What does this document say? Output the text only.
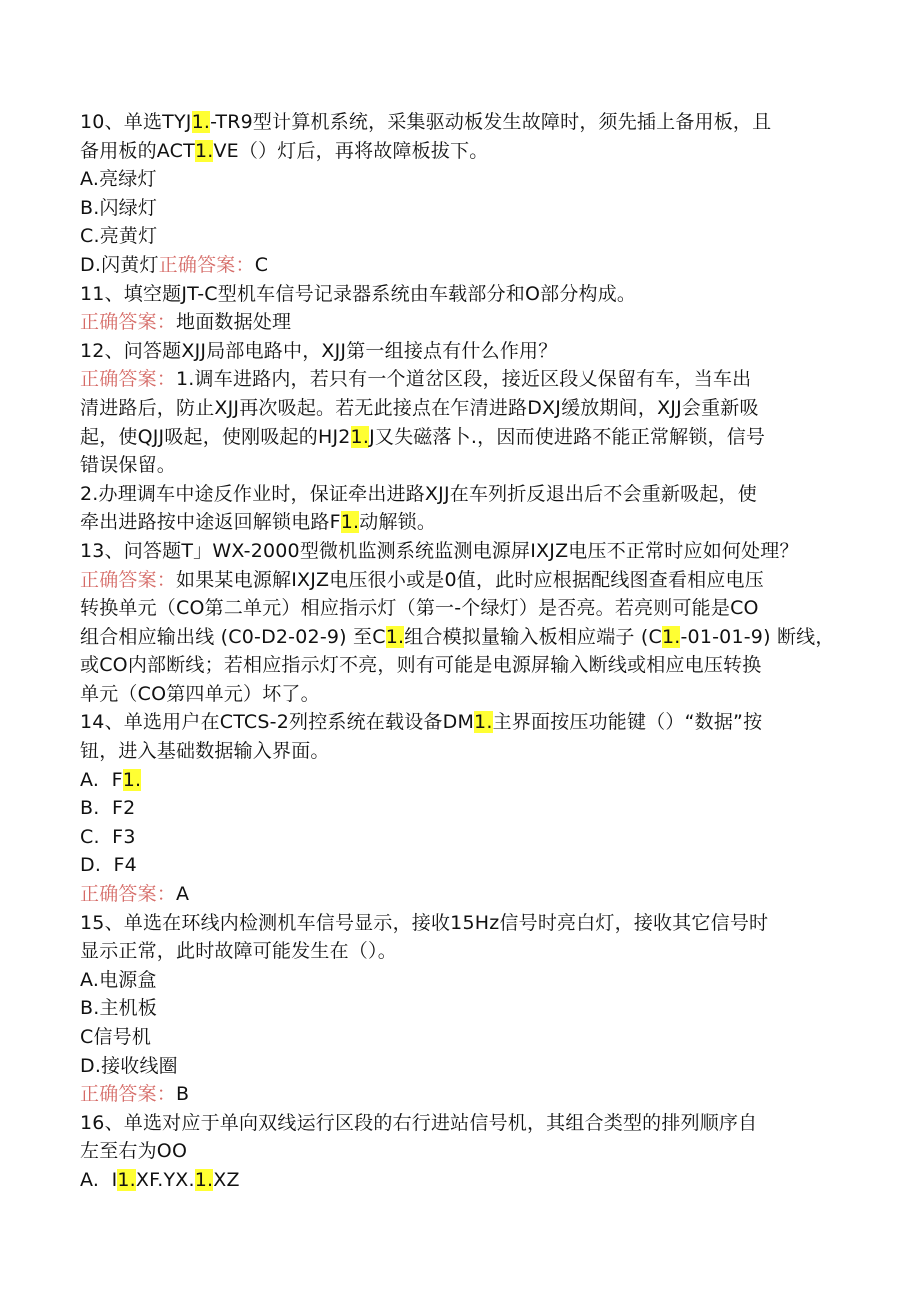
10、单选TYJ1.-TR9型计算机系统，采集驱动板发生故障时，须先插上备用板，且
备用板的ACT1.VE（）灯后，再将故障板拔下。
A.亮绿灯
B.闪绿灯
C.亮黄灯
D.闪黄灯正确答案：C
11、填空题JT-C型机车信号记录器系统由车载部分和O部分构成。
正确答案：地面数据处理
12、问答题XJJ局部电路中，XJJ第一组接点有什么作用？
正确答案：1.调车进路内，若只有一个道岔区段，接近区段乂保留有车，当车出
清进路后，防止XJJ再次吸起。若无此接点在乍清进路DXJ缓放期间，XJJ会重新吸
起，使QJJ吸起，使刚吸起的HJ21.J又失磁落卜.，因而使进路不能正常解锁，信号
错误保留。
2.办理调车中途反作业时，保证牵出进路XJJ在车列折反退出后不会重新吸起，使
牵出进路按中途返回解锁电路F1.动解锁。
13、问答题T」WX-2000型微机监测系统监测电源屏IXJZ电压不正常时应如何处理？
正确答案：如果某电源解IXJZ电压很小或是0值，此时应根据配线图查看相应电压
转换单元（CO第二单元）相应指示灯（第一-个绿灯）是否亮。若亮则可能是CO
组合相应输出线 (C0-D2-02-9) 至C1.组合模拟量输入板相应端子 (C1.-01-01-9) 断线，
或CO内部断线；若相应指示灯不亮，则有可能是电源屏输入断线或相应电压转换
单元（CO第四单元）坏了。
14、单选用户在CTCS-2列控系统在载设备DM1.主界面按压功能键（）“数据”按
钮，进入基础数据输入界面。
A.  F1.
B.  F2
C.  F3
D.  F4
正确答案：A
15、单选在环线内检测机车信号显示，接收15Hz信号时亮白灯，接收其它信号时
显示正常，此时故障可能发生在（）。
A.电源盒
B.主机板
C信号机
D.接收线圈
正确答案：B
16、单选对应于单向双线运行区段的右行进站信号机，其组合类型的排列顺序自
左至右为OO
A.  I1.XF.YX.1.XZ
